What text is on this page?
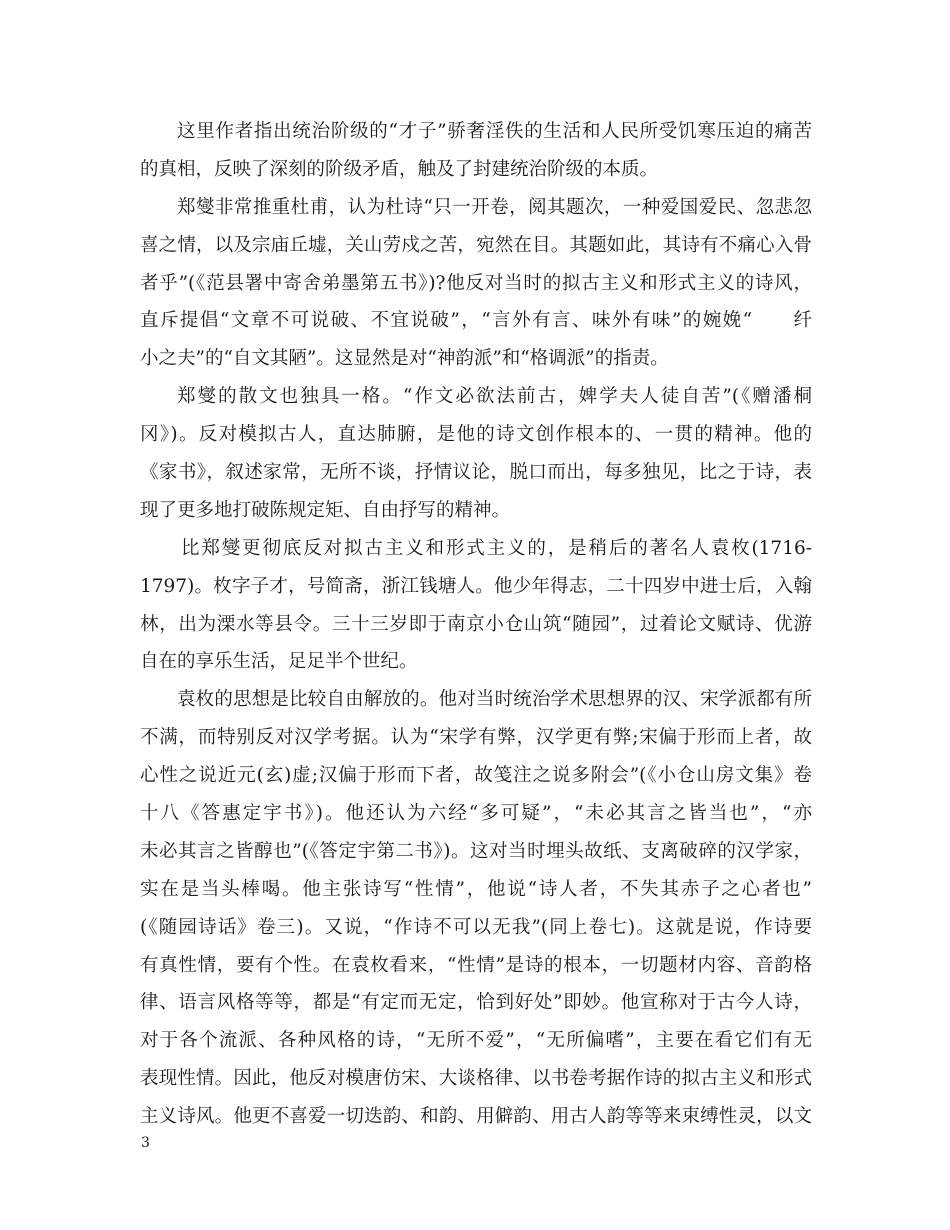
这里作者指出统治阶级的“才子”骄奢淫佚的生活和人民所受饥寒压迫的痛苦
的真相，反映了深刻的阶级矛盾，触及了封建统治阶级的本质。
郑燮非常推重杜甫，认为杜诗“只一开卷，阅其题次，一种爱国爱民、忽悲忽
喜之情，以及宗庙丘墟，关山劳戍之苦，宛然在目。其题如此，其诗有不痛心入骨
者乎”(《范县署中寄舍弟墨第五书》)?他反对当时的拟古主义和形式主义的诗风，
直斥提倡“文章不可说破、不宜说破”，“言外有言、味外有味”的婉娩“　　纤
小之夫”的“自文其陋”。这显然是对“神韵派”和“格调派”的指责。
郑燮的散文也独具一格。“作文必欲法前古，婢学夫人徒自苦”(《赠潘桐
冈》)。反对模拟古人，直达肺腑，是他的诗文创作根本的、一贯的精神。他的
《家书》，叙述家常，无所不谈，抒情议论，脱口而出，每多独见，比之于诗，表
现了更多地打破陈规定矩、自由抒写的精神。
比郑燮更彻底反对拟古主义和形式主义的，是稍后的著名人袁枚(1716-
1797)。枚字子才，号简斋，浙江钱塘人。他少年得志，二十四岁中进士后，入翰
林，出为溧水等县令。三十三岁即于南京小仓山筑“随园”，过着论文赋诗、优游
自在的享乐生活，足足半个世纪。
袁枚的思想是比较自由解放的。他对当时统治学术思想界的汉、宋学派都有所
不满，而特别反对汉学考据。认为“宋学有弊，汉学更有弊;宋偏于形而上者，故
心性之说近元(玄)虚;汉偏于形而下者，故笺注之说多附会”(《小仓山房文集》卷
十八《答惠定宇书》)。他还认为六经“多可疑”，“未必其言之皆当也”，“亦
未必其言之皆醇也”(《答定宇第二书》)。这对当时埋头故纸、支离破碎的汉学家，
实在是当头棒喝。他主张诗写“性情”，他说“诗人者，不失其赤子之心者也”
(《随园诗话》卷三)。又说，“作诗不可以无我”(同上卷七)。这就是说，作诗要
有真性情，要有个性。在袁枚看来，“性情”是诗的根本，一切题材内容、音韵格
律、语言风格等等，都是“有定而无定，恰到好处”即妙。他宣称对于古今人诗，
对于各个流派、各种风格的诗，“无所不爱”，“无所偏嗜”，主要在看它们有无
表现性情。因此，他反对模唐仿宋、大谈格律、以书卷考据作诗的拟古主义和形式
主义诗风。他更不喜爱一切迭韵、和韵、用僻韵、用古人韵等等来束缚性灵，以文
3
